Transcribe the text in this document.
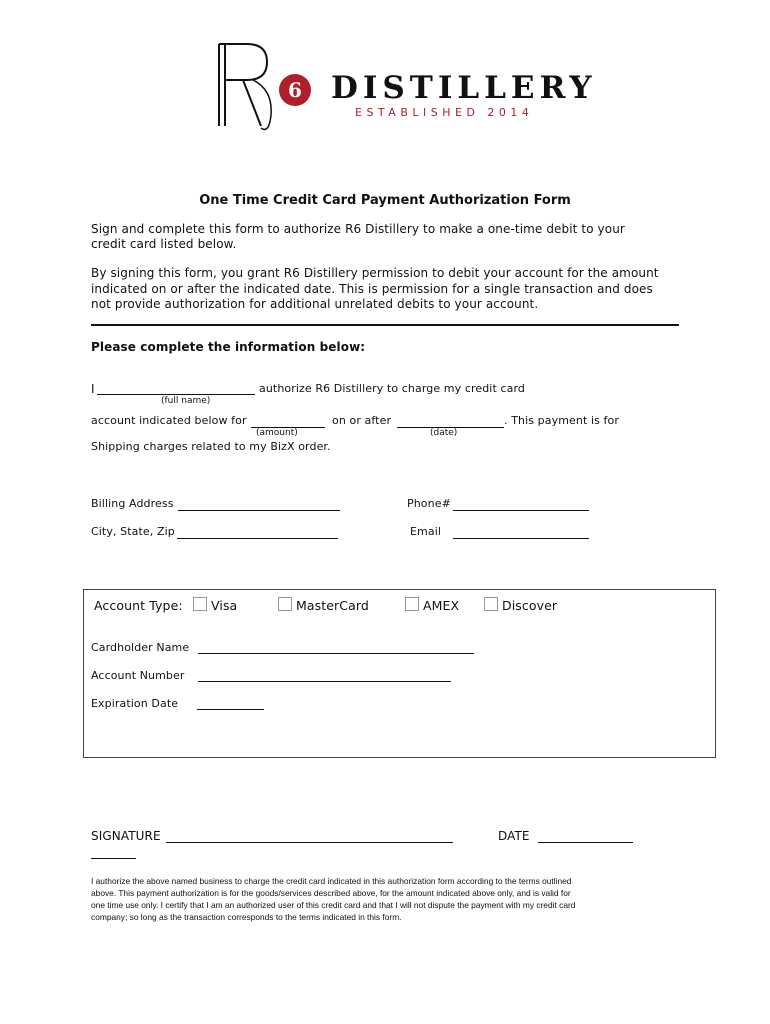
6 DISTILLERY
ESTABLISHED 2014
One Time Credit Card Payment Authorization Form
Sign and complete this form to authorize R6 Distillery to make a one-time debit to your
credit card listed below.
By signing this form, you grant R6 Distillery permission to debit your account for the amount
indicated on or after the indicated date. This is permission for a single transaction and does
not provide authorization for additional unrelated debits to your account.
Please complete the information below:
I	authorize R6 Distillery to charge my credit card
(full name)
account indicated below for	on or after	. This payment is for
(amount)	(date)
Shipping charges related to my BizX order.
Billing Address	Phone#
City, State, Zip	Email
Account Type: Visa	MasterCard	AMEX	Discover
Cardholder Name
Account Number
Expiration Date
SIGNATURE	DATE
I authorize the above named business to charge the credit card indicated in this authorization form according to the terms outlined
above. This payment authorization is for the goods/services described above, for the amount indicated above only, and is valid for
one time use only. I certify that I am an authorized user of this credit card and that I will not dispute the payment with my credit card
company; so long as the transaction corresponds to the terms indicated in this form.
